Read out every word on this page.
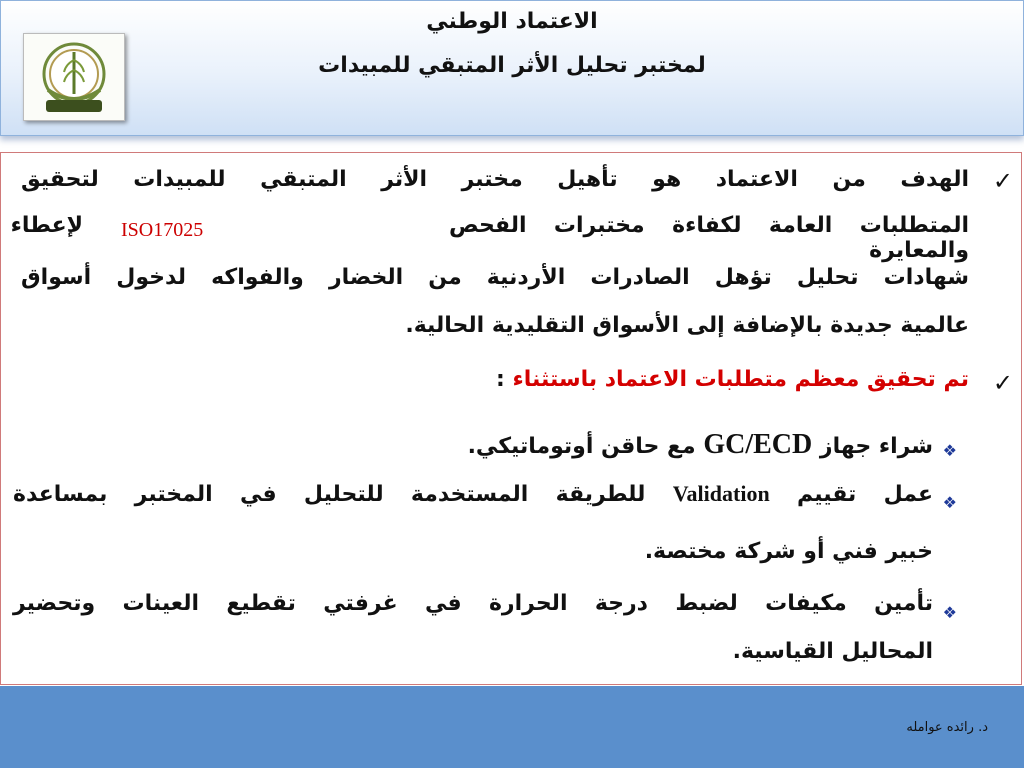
الاعتماد الوطني
لمختبر تحليل الأثر المتبقي للمبيدات
✓
الهدف من الاعتماد هو تأهيل مختبر الأثر المتبقي للمبيدات لتحقيق
المتطلبات العامة لكفاءة مختبرات الفحص والمعايرة
ISO17025
لإعطاء
شهادات تحليل تؤهل الصادرات الأردنية من الخضار والفواكه لدخول أسواق
عالمية جديدة بالإضافة إلى الأسواق التقليدية الحالية.
✓
تم تحقيق معظم متطلبات الاعتماد باستثناء :
❖
شراء جهاز GC/ECD مع حاقن أوتوماتيكي.
❖
عمل تقييم Validation للطريقة المستخدمة للتحليل في المختبر بمساعدة
خبير فني أو شركة مختصة.
❖
تأمين مكيفات لضبط درجة الحرارة في غرفتي تقطيع العينات وتحضير
المحاليل القياسية.
د. رائده عوامله
